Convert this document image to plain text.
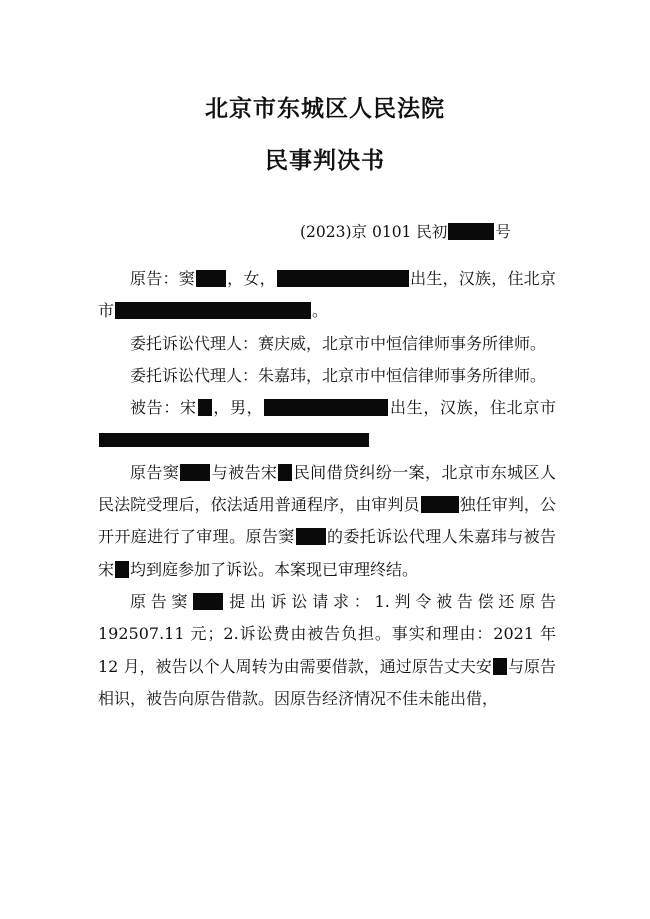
北京市东城区人民法院
民事判决书
(2023)京 0101 民初	号

原告：窦 ，女，	出生，汉族，住北京市	。

委托诉讼代理人：赛庆威，北京市中恒信律师事务所律师。

委托诉讼代理人：朱嘉玮，北京市中恒信律师事务所律师。

被告：宋 ，男，	出生，汉族，住北京市

原告窦 与被告宋 民间借贷纠纷一案，北京市东城区人民法院受理后，依法适用普通程序，由审判员	独任审判，公开开庭进行了审理。原告窦 的委托诉讼代理人朱嘉玮与被告宋 均到庭参加了诉讼。本案现已审理终结。

原告窦 提出诉讼请求：1.判令被告偿还原告 192507.11 元；2.诉讼费由被告负担。事实和理由：2021 年 12 月，被告以个人周转为由需要借款，通过原告丈夫安 与原告相识，被告向原告借款。因原告经济情况不佳未能出借，
